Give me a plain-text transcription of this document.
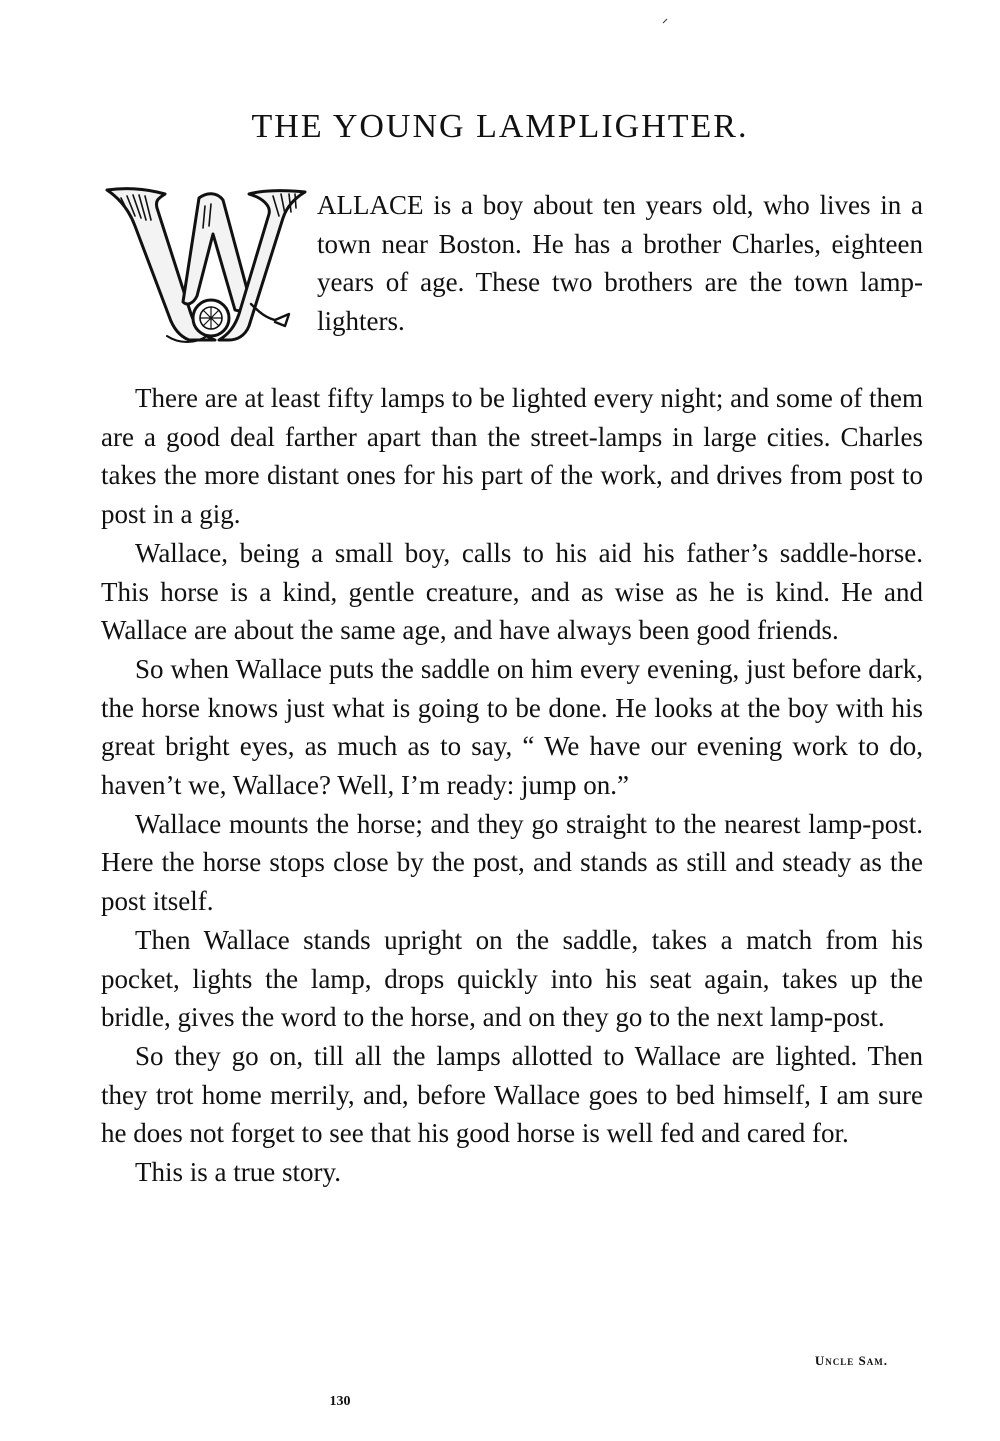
THE YOUNG LAMPLIGHTER.

ALLACE is a boy about ten years old, who lives in a town near Boston. He has a brother Charles, eighteen years of age. These two brothers are the town lamplighters.

There are at least fifty lamps to be lighted every night; and some of them are a good deal farther apart than the street-lamps in large cities. Charles takes the more distant ones for his part of the work, and drives from post to post in a gig.

Wallace, being a small boy, calls to his aid his father’s saddle-horse. This horse is a kind, gentle creature, and as wise as he is kind. He and Wallace are about the same age, and have always been good friends.

So when Wallace puts the saddle on him every evening, just before dark, the horse knows just what is going to be done. He looks at the boy with his great bright eyes, as much as to say, “ We have our evening work to do, haven’t we, Wallace? Well, I’m ready: jump on.”

Wallace mounts the horse; and they go straight to the nearest lamp-post. Here the horse stops close by the post, and stands as still and steady as the post itself.

Then Wallace stands upright on the saddle, takes a match from his pocket, lights the lamp, drops quickly into his seat again, takes up the bridle, gives the word to the horse, and on they go to the next lamp-post.

So they go on, till all the lamps allotted to Wallace are lighted. Then they trot home merrily, and, before Wallace goes to bed himself, I am sure he does not forget to see that his good horse is well fed and cared for.

This is a true story.

Uncle Sam.
130
